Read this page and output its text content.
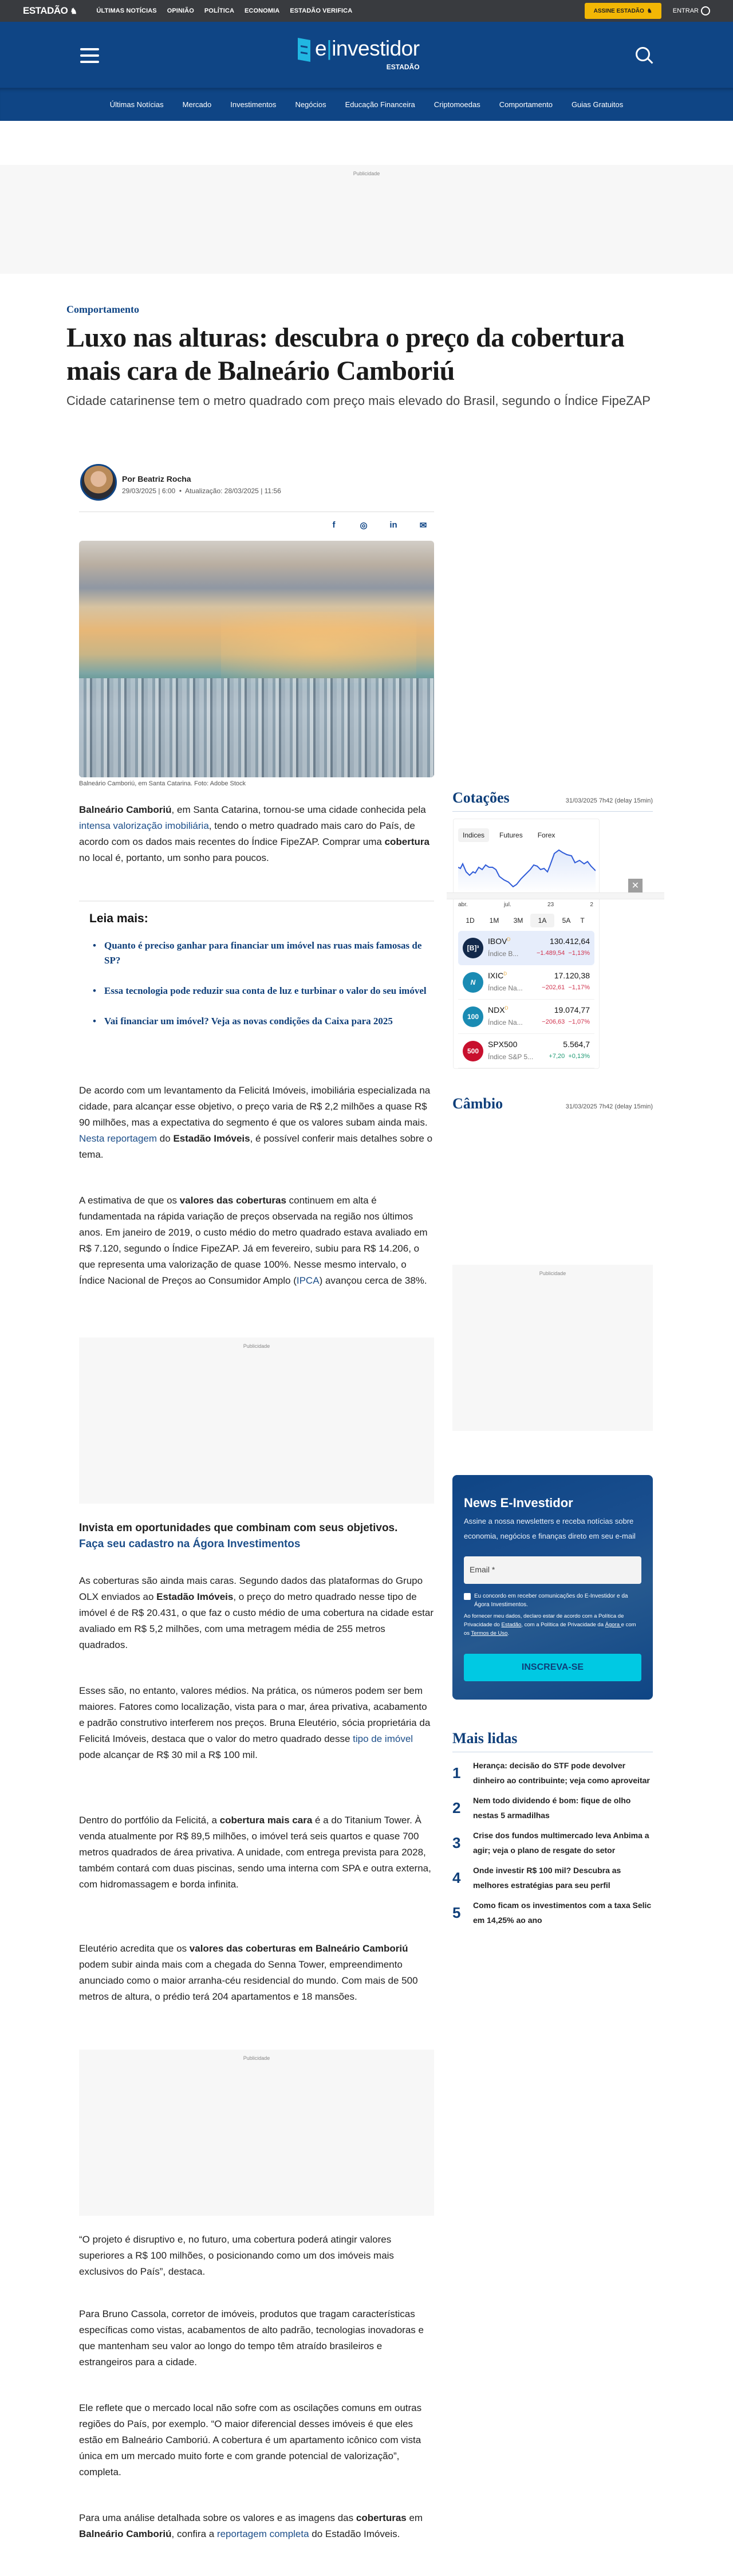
ESTADÃO ♞	ÚLTIMAS NOTÍCIAS OPINIÃO POLÍTICA ECONOMIA ESTADÃO VERIFICA	ASSINE ESTADÃO ♞	ENTRAR
e|investidor
ESTADÃO
Últimas Notícias	Mercado	Investimentos	Negócios	Educação Financeira	Criptomoedas	Comportamento	Guias Gratuitos
Publicidade
Comportamento
Luxo nas alturas: descubra o preço da cobertura mais cara de Balneário Camboriú

Cidade catarinense tem o metro quadrado com preço mais elevado do Brasil, segundo o Índice FipeZAP

Por Beatriz Rocha
29/03/2025 | 6:00 • Atualização: 28/03/2025 | 11:56
f	◎	in	✉
Balneário Camboriú, em Santa Catarina. Foto: Adobe Stock

Balneário Camboriú, em Santa Catarina, tornou-se uma cidade conhecida pela intensa valorização imobiliária, tendo o metro quadrado mais caro do País, de acordo com os dados mais recentes do Índice FipeZAP. Comprar uma cobertura no local é, portanto, um sonho para poucos.

Leia mais:
• Quanto é preciso ganhar para financiar um imóvel nas ruas mais famosas de SP?
• Essa tecnologia pode reduzir sua conta de luz e turbinar o valor do seu imóvel
• Vai financiar um imóvel? Veja as novas condições da Caixa para 2025

De acordo com um levantamento da Felicitá Imóveis, imobiliária especializada na cidade, para alcançar esse objetivo, o preço varia de R$ 2,2 milhões a quase R$ 90 milhões, mas a expectativa do segmento é que os valores subam ainda mais. Nesta reportagem do Estadão Imóveis, é possível conferir mais detalhes sobre o tema.

A estimativa de que os valores das coberturas continuem em alta é fundamentada na rápida variação de preços observada na região nos últimos anos. Em janeiro de 2019, o custo médio do metro quadrado estava avaliado em R$ 7.120, segundo o Índice FipeZAP. Já em fevereiro, subiu para R$ 14.206, o que representa uma valorização de quase 100%. Nesse mesmo intervalo, o Índice Nacional de Preços ao Consumidor Amplo (IPCA) avançou cerca de 38%.

Publicidade
Invista em oportunidades que combinam com seus objetivos.
Faça seu cadastro na Ágora Investimentos

As coberturas são ainda mais caras. Segundo dados das plataformas do Grupo OLX enviados ao Estadão Imóveis, o preço do metro quadrado nesse tipo de imóvel é de R$ 20.431, o que faz o custo médio de uma cobertura na cidade estar avaliado em R$ 5,2 milhões, com uma metragem média de 255 metros quadrados.

Esses são, no entanto, valores médios. Na prática, os números podem ser bem maiores. Fatores como localização, vista para o mar, área privativa, acabamento e padrão construtivo interferem nos preços. Bruna Eleutério, sócia proprietária da Felicitá Imóveis, destaca que o valor do metro quadrado desse tipo de imóvel pode alcançar de R$ 30 mil a R$ 100 mil.

Dentro do portfólio da Felicitá, a cobertura mais cara é a do Titanium Tower. À venda atualmente por R$ 89,5 milhões, o imóvel terá seis quartos e quase 700 metros quadrados de área privativa. A unidade, com entrega prevista para 2028, também contará com duas piscinas, sendo uma interna com SPA e outra externa, com hidromassagem e borda infinita.

Eleutério acredita que os valores das coberturas em Balneário Camboriú podem subir ainda mais com a chegada do Senna Tower, empreendimento anunciado como o maior arranha-céu residencial do mundo. Com mais de 500 metros de altura, o prédio terá 204 apartamentos e 18 mansões.

Publicidade

“O projeto é disruptivo e, no futuro, uma cobertura poderá atingir valores superiores a R$ 100 milhões, o posicionando como um dos imóveis mais exclusivos do País”, destaca.

Para Bruno Cassola, corretor de imóveis, produtos que tragam características específicas como vistas, acabamentos de alto padrão, tecnologias inovadoras e que mantenham seu valor ao longo do tempo têm atraído brasileiros e estrangeiros para a cidade.

Ele reflete que o mercado local não sofre com as oscilações comuns em outras regiões do País, por exemplo. “O maior diferencial desses imóveis é que eles estão em Balneário Camboriú. A cobertura é um apartamento icônico com vista única em um mercado muito forte e com grande potencial de valorização”, completa.

Para uma análise detalhada sobre os valores e as imagens das coberturas em Balneário Camboriú, confira a reportagem completa do Estadão Imóveis.

Cotações	31/03/2025 7h42 (delay 15min)
Indices	Futures	Forex
abr.	jul.	23	2
1D	1M	3M	1A	5A	T
[B]³
$IBOV^D$
Índice B...
130.412,64
−1.489,54 −1,13%
N
$IXIC^D$
Índice Na...
17.120,38
−202,61 −1,17%
100
$NDX^D$
Índice Na...
19.074,77
−206,63 −1,07%
500
SPX500
Índice S&P 5...
5.564,7
+7,20 +0,13%
✕
Câmbio	31/03/2025 7h42 (delay 15min)
Publicidade
News E-Investidor

Assine a nossa newsletters e receba notícias sobre economia, negócios e finanças direto em seu e-mail

Email *
Eu concordo em receber comunicações do E-Investidor e da Ágora Investimentos.

Ao fornecer meu dados, declaro estar de acordo com a Política de Privacidade do Estadão, com a Política de Privacidade da Ágora e com os Termos de Uso.

INSCREVA-SE
Mais lidas
1 Herança: decisão do STF pode devolver dinheiro ao contribuinte; veja como aproveitar
2 Nem todo dividendo é bom: fique de olho nestas 5 armadilhas
3 Crise dos fundos multimercado leva Anbima a agir; veja o plano de resgate do setor
4 Onde investir R$ 100 mil? Descubra as melhores estratégias para seu perfil
5 Como ficam os investimentos com a taxa Selic em 14,25% ao ano
